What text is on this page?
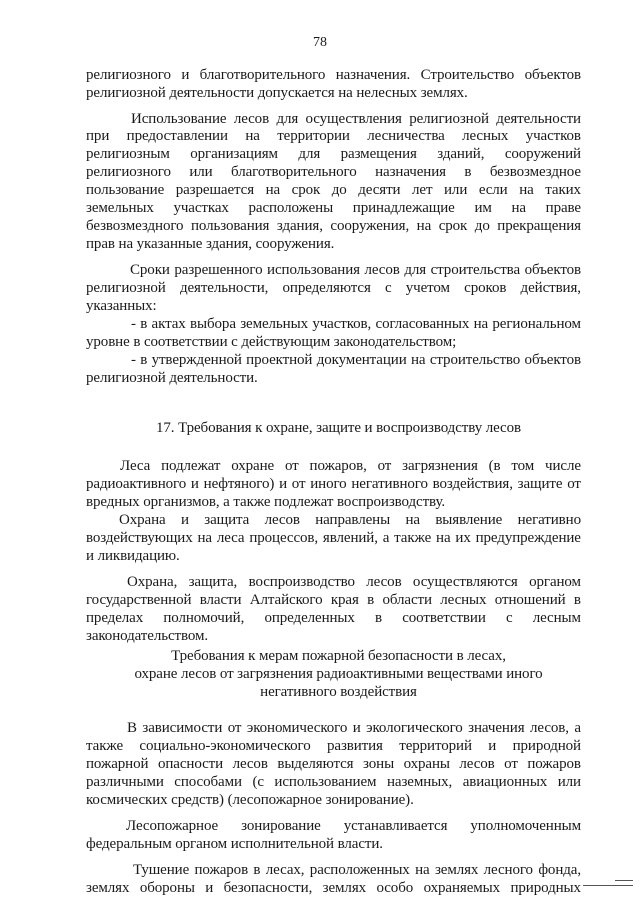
78
религиозного и благотворительного назначения. Строительство объектов
религиозной деятельности допускается на нелесных землях.
Использование лесов для осуществления религиозной деятельности
при предоставлении на территории лесничества лесных участков
религиозным организациям для размещения зданий, сооружений
религиозного или благотворительного назначения в безвозмездное
пользование разрешается на срок до десяти лет или если на таких
земельных участках расположены принадлежащие им на праве
безвозмездного пользования здания, сооружения, на срок до прекращения
прав на указанные здания, сооружения.
Сроки разрешенного использования лесов для строительства объектов
религиозной деятельности, определяются с учетом сроков действия,
указанных:
- в актах выбора земельных участков, согласованных на региональном
уровне в соответствии с действующим законодательством;
- в утвержденной проектной документации на строительство объектов
религиозной деятельности.
17. Требования к охране, защите и воспроизводству лесов
Леса подлежат охране от пожаров, от загрязнения (в том числе
радиоактивного и нефтяного) и от иного негативного воздействия, защите от
вредных организмов, а также подлежат воспроизводству.
Охрана и защита лесов направлены на выявление негативно
воздействующих на леса процессов, явлений, а также на их предупреждение
и ликвидацию.
Охрана, защита, воспроизводство лесов осуществляются органом
государственной власти Алтайского края в области лесных отношений в
пределах полномочий, определенных в соответствии с лесным
законодательством.
Требования к мерам пожарной безопасности в лесах,
охране лесов от загрязнения радиоактивными веществами иного
негативного воздействия
В зависимости от экономического и экологического значения лесов, а
также социально-экономического развития территорий и природной
пожарной опасности лесов выделяются зоны охраны лесов от пожаров
различными способами (с использованием наземных, авиационных или
космических средств) (лесопожарное зонирование).
Лесопожарное зонирование устанавливается уполномоченным
федеральным органом исполнительной власти.
Тушение пожаров в лесах, расположенных на землях лесного фонда,
землях обороны и безопасности, землях особо охраняемых природных
